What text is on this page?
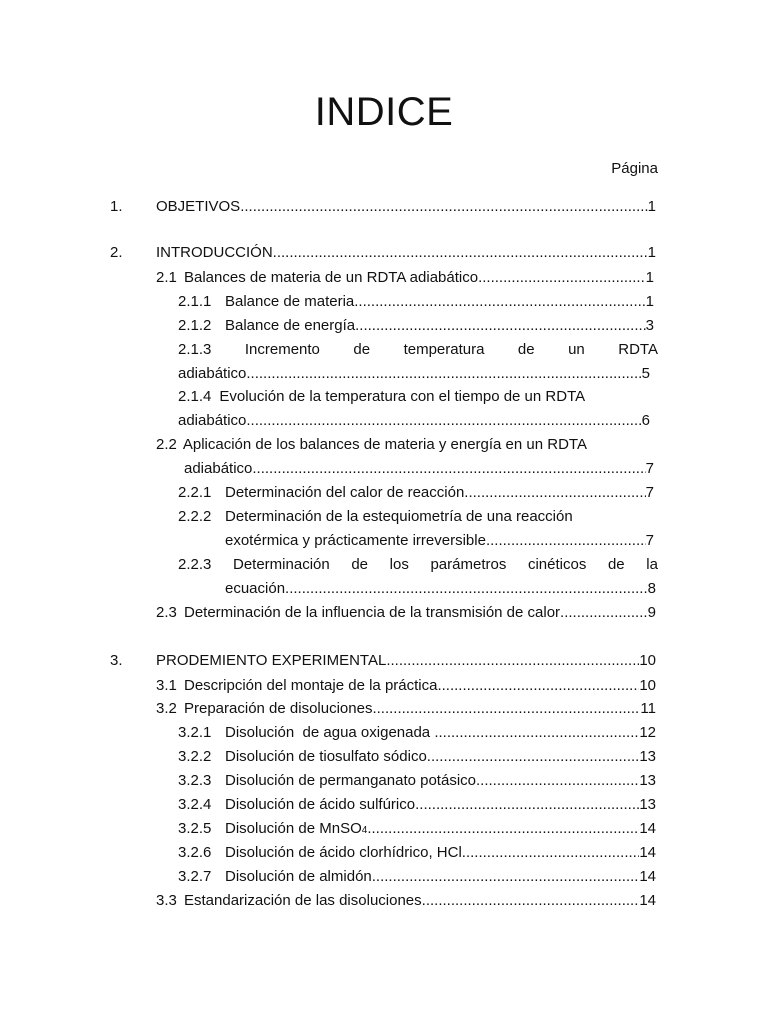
INDICE
Página
1.	OBJETIVOS .....	1
2.	INTRODUCCIÓN .....	1
2.1 Balances de materia de un RDTA adiabático .....	1
2.1.1 Balance de materia .....	1
2.1.2 Balance de energía .....	3
2.1.3 Incremento de temperatura de un RDTA
adiabático .....	5
2.1.4 Evolución de la temperatura con el tiempo de un RDTA
adiabático .....	6
2.2 Aplicación de los balances de materia y energía en un RDTA
adiabático .....	7
2.2.1 Determinación del calor de reacción .....	7
2.2.2 Determinación de la estequiometría de una reacción
exotérmica y prácticamente irreversible .....	7
2.2.3 Determinación de los parámetros cinéticos de la
ecuación .....	8
2.3 Determinación de la influencia de la transmisión de calor .....	9
3.	PRODEMIENTO EXPERIMENTAL .....	10
3.1 Descripción del montaje de la práctica .....	10
3.2 Preparación de disoluciones .....	11
3.2.1 Disolución  de agua oxigenada .....	12
3.2.2 Disolución de tiosulfato sódico .....	13
3.2.3 Disolución de permanganato potásico .....	13
3.2.4 Disolución de ácido sulfúrico .....	13
3.2.5 Disolución de Mn SO 4 .....	14
3.2.6 Disolución de ácido clorhídrico, HCl .....	14
3.2.7 Disolución de almidón .....	14
3.3 Estandarización de las disoluciones .....	14
